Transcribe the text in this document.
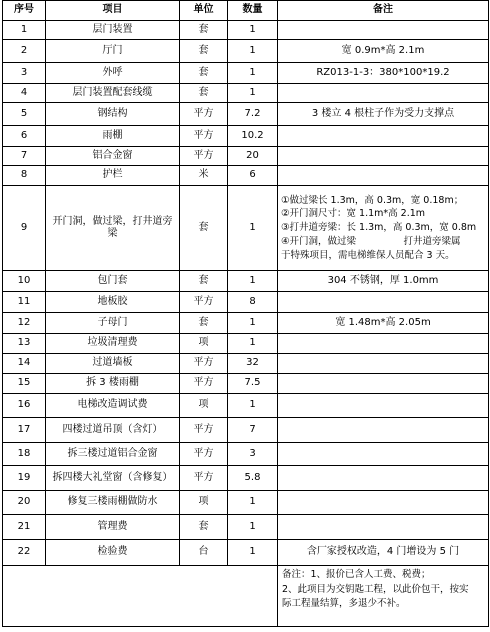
序号	项目	单位	数量	备注
1	层门装置	套	1	
2	厅门	套	1	宽 0.9m*高 2.1m
3	外呼	套	1	RZ013-1-3：380*100*19.2
4	层门装置配套线缆	套	1	
5	钢结构	平方	7.2	3 楼立 4 根柱子作为受力支撑点
6	雨棚	平方	10.2	
7	铝合金窗	平方	20	
8	护栏	米	6	
9	开门洞，做过梁，打井道旁梁	套	1	①做过梁长 1.3m，高 0.3m，宽 0.18m；
②开门洞尺寸：宽 1.1m*高 2.1m
③打井道旁梁：长 1.3m，高 0.3m，宽 0.8m
④开门洞，做过梁　　　　　打井道旁梁属
于特殊项目，需电梯维保人员配合 3 天。

10	包门套	套	1	304 不锈钢，厚 1.0mm
11	地板胶	平方	8	
12	子母门	套	1	宽 1.48m*高 2.05m
13	垃圾清理费	项	1	
14	过道墙板	平方	32	
15	拆 3 楼雨棚	平方	7.5	
16	电梯改造调试费	项	1	
17	四楼过道吊顶（含灯）	平方	7	
18	拆三楼过道铝合金窗	平方	3	
19	拆四楼大礼堂窗（含修复）	平方	5.8	
20	修复三楼雨棚做防水	项	1	
21	管理费	套	1	
22	检验费	台	1	含厂家授权改造，4 门增设为 5 门

				备注：1、报价已含人工费、税费；
2、此项目为交钥匙工程，以此价包干，按实
际工程量结算，多退少不补。
